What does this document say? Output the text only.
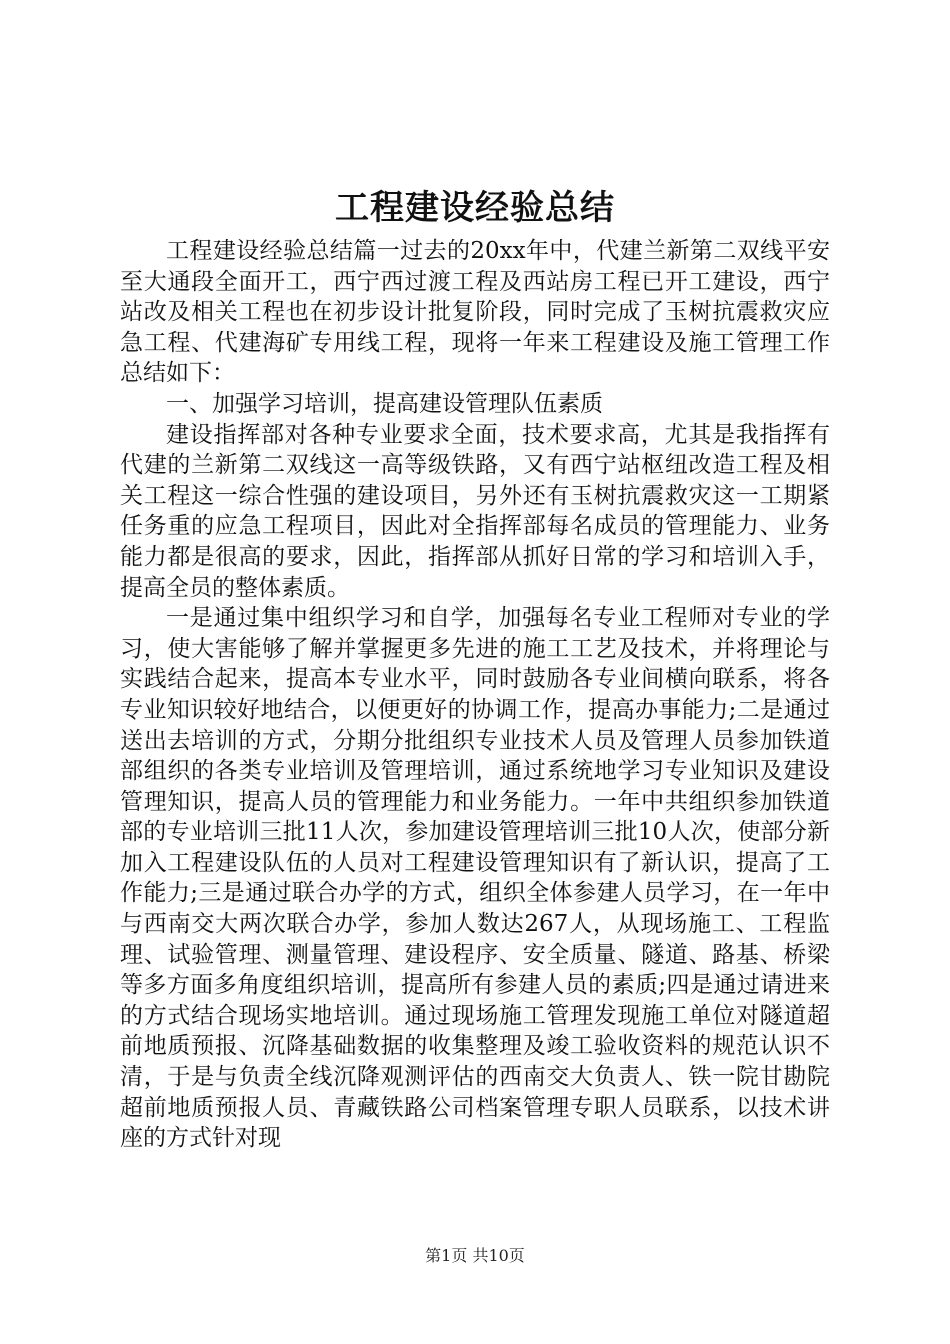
工程建设经验总结

工程建设经验总结篇一过去的20xx年中，代建兰新第二双线平安至大通段全面开工，西宁西过渡工程及西站房工程已开工建设，西宁站改及相关工程也在初步设计批复阶段，同时完成了玉树抗震救灾应急工程、代建海矿专用线工程，现将一年来工程建设及施工管理工作总结如下：

一、加强学习培训，提高建设管理队伍素质

建设指挥部对各种专业要求全面，技术要求高，尤其是我指挥有代建的兰新第二双线这一高等级铁路，又有西宁站枢纽改造工程及相关工程这一综合性强的建设项目，另外还有玉树抗震救灾这一工期紧任务重的应急工程项目，因此对全指挥部每名成员的管理能力、业务能力都是很高的要求，因此，指挥部从抓好日常的学习和培训入手，提高全员的整体素质。

一是通过集中组织学习和自学，加强每名专业工程师对专业的学习，使大害能够了解并掌握更多先进的施工工艺及技术，并将理论与实践结合起来，提高本专业水平，同时鼓励各专业间横向联系，将各专业知识较好地结合，以便更好的协调工作，提高办事能力;二是通过送出去培训的方式，分期分批组织专业技术人员及管理人员参加铁道部组织的各类专业培训及管理培训，通过系统地学习专业知识及建设管理知识，提高人员的管理能力和业务能力。一年中共组织参加铁道部的专业培训三批11人次，参加建设管理培训三批10人次，使部分新加入工程建设队伍的人员对工程建设管理知识有了新认识，提高了工作能力;三是通过联合办学的方式，组织全体参建人员学习，在一年中与西南交大两次联合办学，参加人数达267人，从现场施工、工程监理、试验管理、测量管理、建设程序、安全质量、隧道、路基、桥梁等多方面多角度组织培训，提高所有参建人员的素质;四是通过请进来的方式结合现场实地培训。通过现场施工管理发现施工单位对隧道超前地质预报、沉降基础数据的收集整理及竣工验收资料的规范认识不清，于是与负责全线沉降观测评估的西南交大负责人、铁一院甘勘院超前地质预报人员、青藏铁路公司档案管理专职人员联系，以技术讲座的方式针对现

第1页 共10页
